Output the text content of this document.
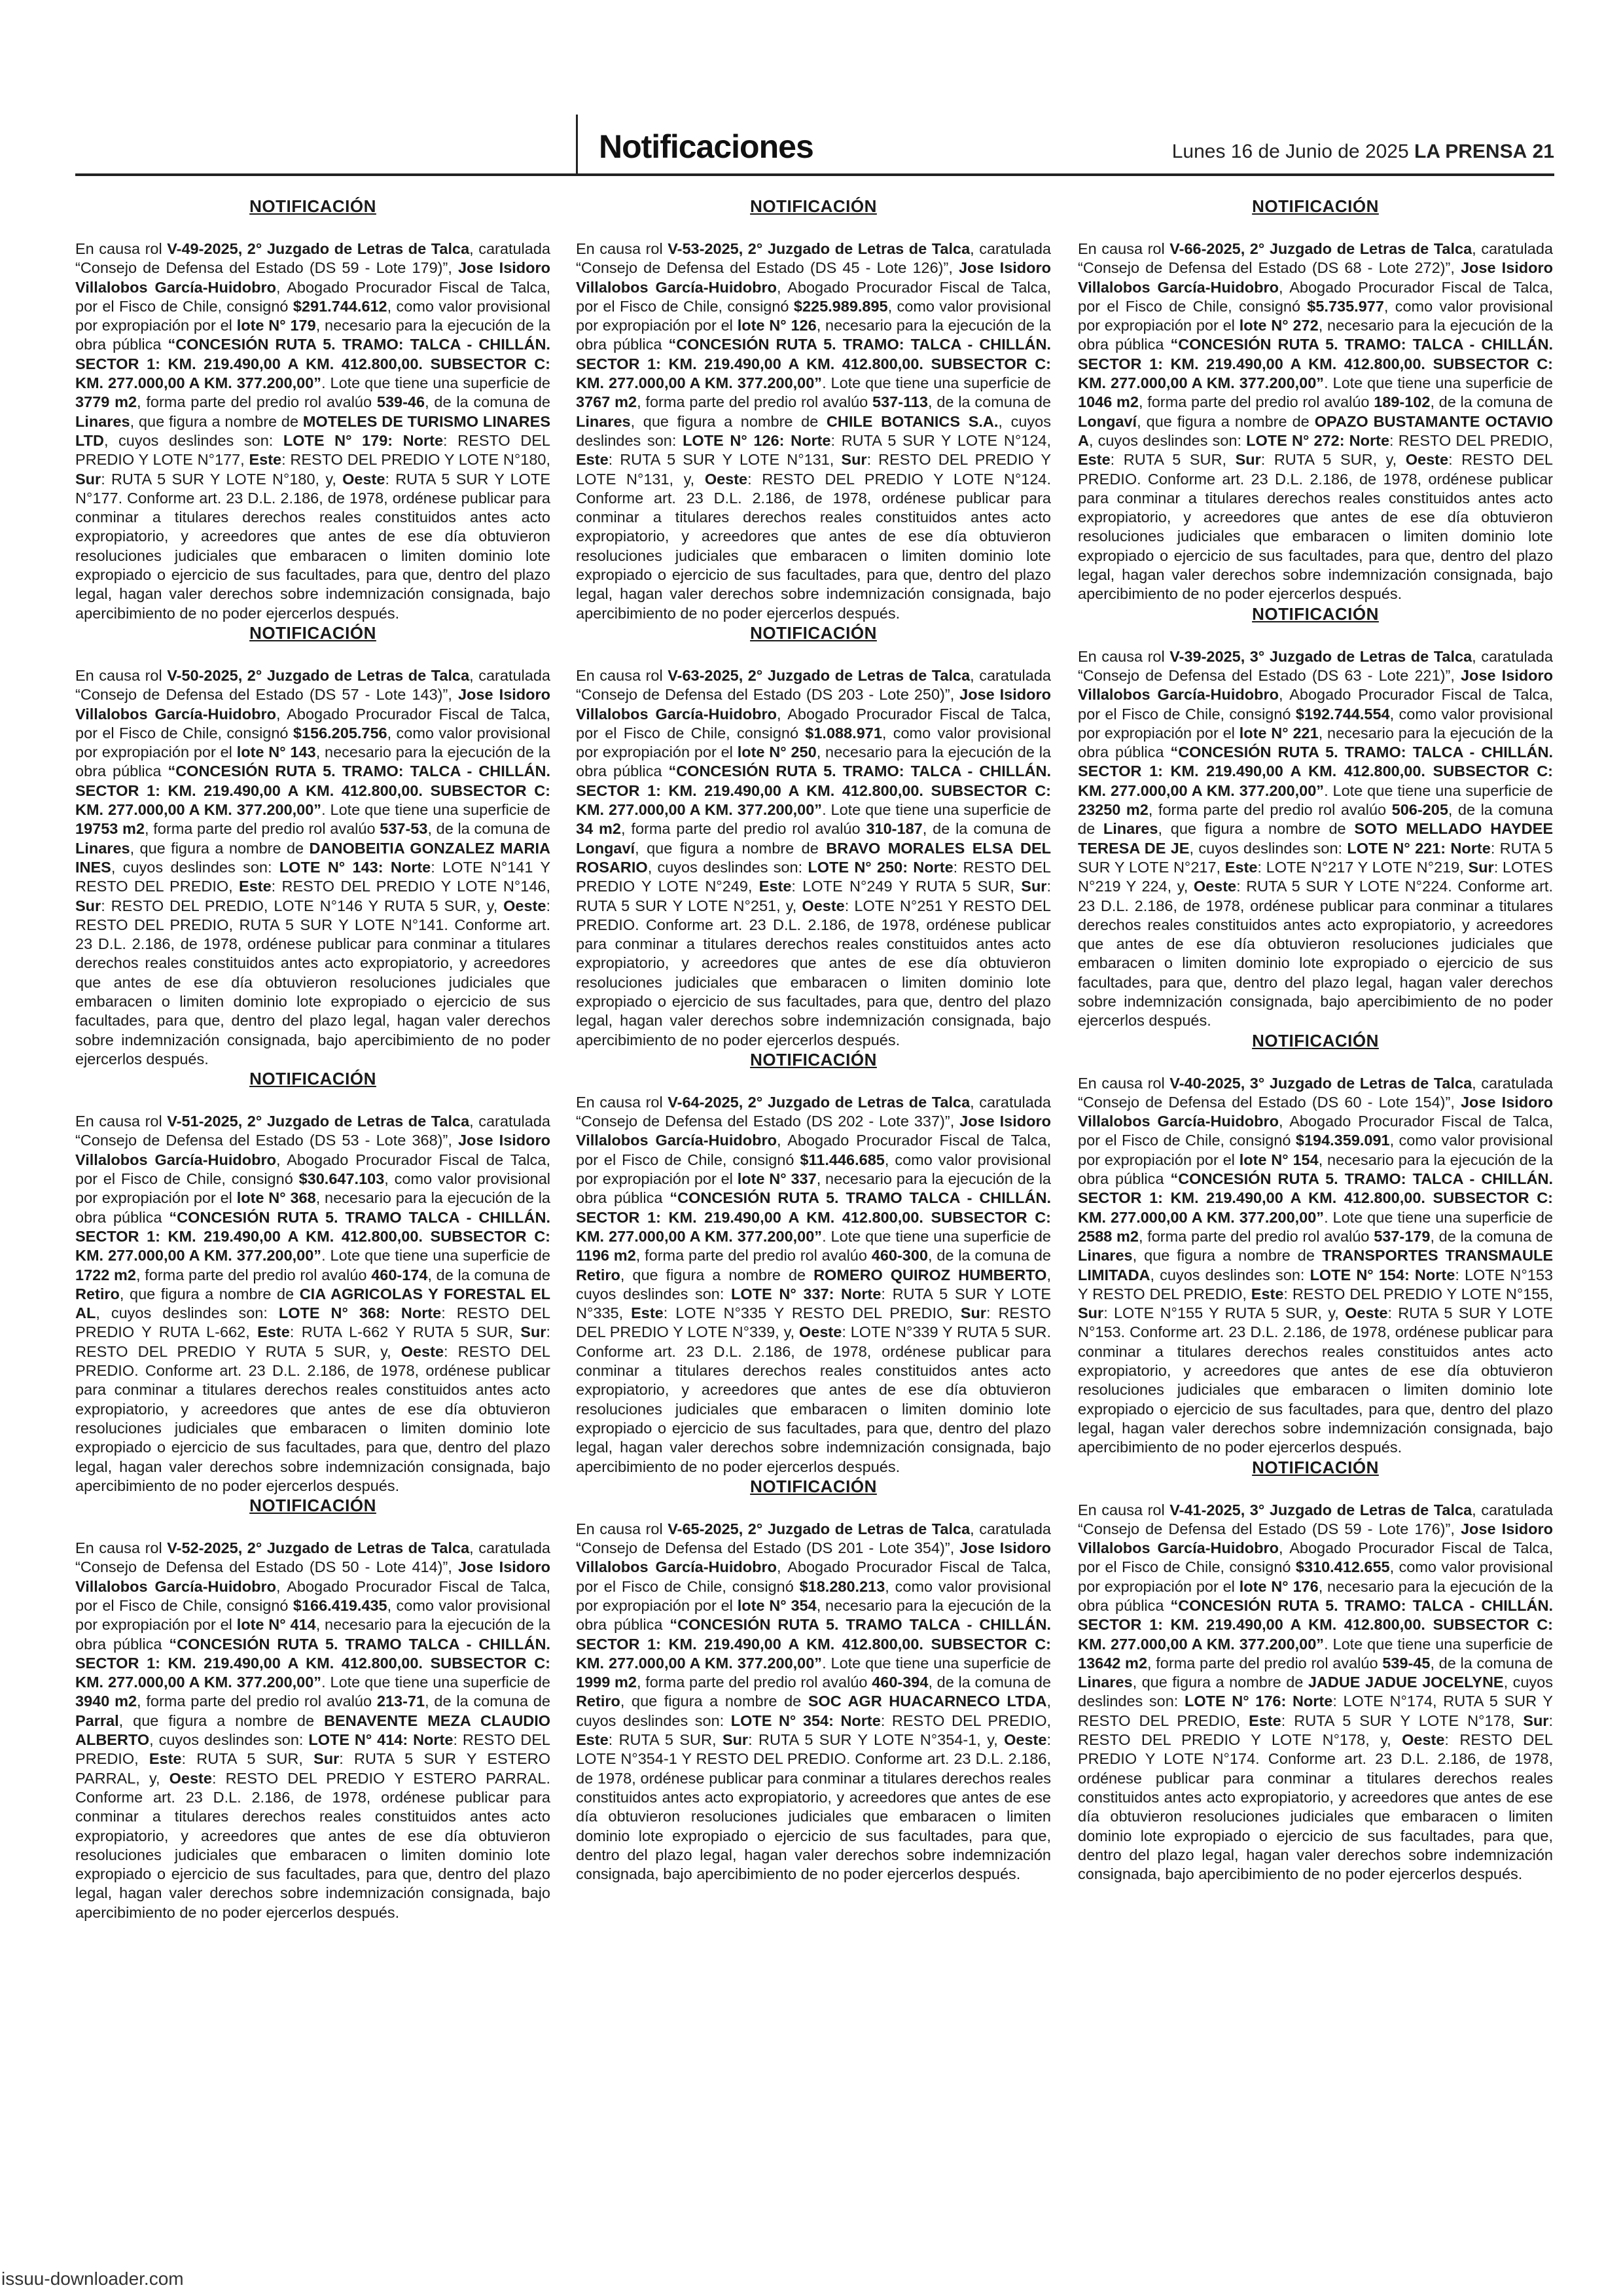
Notificaciones	Lunes 16 de Junio de 2025 LA PRENSA 21
NOTIFICACIÓN

En causa rol V-49-2025, 2° Juzgado de Letras de Talca, caratulada “Consejo de Defensa del Estado (DS 59 - Lote 179)”, Jose Isidoro Villalobos García-Huidobro, Abogado Procurador Fiscal de Talca, por el Fisco de Chile, consignó $291.744.612, como valor provisional por expropiación por el lote N° 179, necesario para la ejecución de la obra pública “CONCESIÓN RUTA 5. TRAMO: TALCA - CHILLÁN. SECTOR 1: KM. 219.490,00 A KM. 412.800,00. SUBSECTOR C: KM. 277.000,00 A KM. 377.200,00”. Lote que tiene una superficie de 3779 m2, forma parte del predio rol avalúo 539-46, de la comuna de Linares, que figura a nombre de MOTELES DE TURISMO LINARES LTD, cuyos deslindes son: LOTE N° 179: Norte: RESTO DEL PREDIO Y LOTE N°177, Este: RESTO DEL PREDIO Y LOTE N°180, Sur: RUTA 5 SUR Y LOTE N°180, y, Oeste: RUTA 5 SUR Y LOTE N°177. Conforme art. 23 D.L. 2.186, de 1978, ordénese publicar para conminar a titulares derechos reales constituidos antes acto expropiatorio, y acreedores que antes de ese día obtuvieron resoluciones judiciales que embaracen o limiten dominio lote expropiado o ejercicio de sus facultades, para que, dentro del plazo legal, hagan valer derechos sobre indemnización consignada, bajo apercibimiento de no poder ejercerlos después.

NOTIFICACIÓN

En causa rol V-50-2025, 2° Juzgado de Letras de Talca, caratulada “Consejo de Defensa del Estado (DS 57 - Lote 143)”, Jose Isidoro Villalobos García-Huidobro, Abogado Procurador Fiscal de Talca, por el Fisco de Chile, consignó $156.205.756, como valor provisional por expropiación por el lote N° 143, necesario para la ejecución de la obra pública “CONCESIÓN RUTA 5. TRAMO: TALCA - CHILLÁN. SECTOR 1: KM. 219.490,00 A KM. 412.800,00. SUBSECTOR C: KM. 277.000,00 A KM. 377.200,00”. Lote que tiene una superficie de 19753 m2, forma parte del predio rol avalúo 537-53, de la comuna de Linares, que figura a nombre de DANOBEITIA GONZALEZ MARIA INES, cuyos deslindes son: LOTE N° 143: Norte: LOTE N°141 Y RESTO DEL PREDIO, Este: RESTO DEL PREDIO Y LOTE N°146, Sur: RESTO DEL PREDIO, LOTE N°146 Y RUTA 5 SUR, y, Oeste: RESTO DEL PREDIO, RUTA 5 SUR Y LOTE N°141. Conforme art. 23 D.L. 2.186, de 1978, ordénese publicar para conminar a titulares derechos reales constituidos antes acto expropiatorio, y acreedores que antes de ese día obtuvieron resoluciones judiciales que embaracen o limiten dominio lote expropiado o ejercicio de sus facultades, para que, dentro del plazo legal, hagan valer derechos sobre indemnización consignada, bajo apercibimiento de no poder ejercerlos después.

NOTIFICACIÓN

En causa rol V-51-2025, 2° Juzgado de Letras de Talca, caratulada “Consejo de Defensa del Estado (DS 53 - Lote 368)”, Jose Isidoro Villalobos García-Huidobro, Abogado Procurador Fiscal de Talca, por el Fisco de Chile, consignó $30.647.103, como valor provisional por expropiación por el lote N° 368, necesario para la ejecución de la obra pública “CONCESIÓN RUTA 5. TRAMO TALCA - CHILLÁN. SECTOR 1: KM. 219.490,00 A KM. 412.800,00. SUBSECTOR C: KM. 277.000,00 A KM. 377.200,00”. Lote que tiene una superficie de 1722 m2, forma parte del predio rol avalúo 460-174, de la comuna de Retiro, que figura a nombre de CIA AGRICOLAS Y FORESTAL EL AL, cuyos deslindes son: LOTE N° 368: Norte: RESTO DEL PREDIO Y RUTA L-662, Este: RUTA L-662 Y RUTA 5 SUR, Sur: RESTO DEL PREDIO Y RUTA 5 SUR, y, Oeste: RESTO DEL PREDIO. Conforme art. 23 D.L. 2.186, de 1978, ordénese publicar para conminar a titulares derechos reales constituidos antes acto expropiatorio, y acreedores que antes de ese día obtuvieron resoluciones judiciales que embaracen o limiten dominio lote expropiado o ejercicio de sus facultades, para que, dentro del plazo legal, hagan valer derechos sobre indemnización consignada, bajo apercibimiento de no poder ejercerlos después.

NOTIFICACIÓN

En causa rol V-52-2025, 2° Juzgado de Letras de Talca, caratulada “Consejo de Defensa del Estado (DS 50 - Lote 414)”, Jose Isidoro Villalobos García-Huidobro, Abogado Procurador Fiscal de Talca, por el Fisco de Chile, consignó $166.419.435, como valor provisional por expropiación por el lote N° 414, necesario para la ejecución de la obra pública “CONCESIÓN RUTA 5. TRAMO TALCA - CHILLÁN. SECTOR 1: KM. 219.490,00 A KM. 412.800,00. SUBSECTOR C: KM. 277.000,00 A KM. 377.200,00”. Lote que tiene una superficie de 3940 m2, forma parte del predio rol avalúo 213-71, de la comuna de Parral, que figura a nombre de BENAVENTE MEZA CLAUDIO ALBERTO, cuyos deslindes son: LOTE N° 414: Norte: RESTO DEL PREDIO, Este: RUTA 5 SUR, Sur: RUTA 5 SUR Y ESTERO PARRAL, y, Oeste: RESTO DEL PREDIO Y ESTERO PARRAL. Conforme art. 23 D.L. 2.186, de 1978, ordénese publicar para conminar a titulares derechos reales constituidos antes acto expropiatorio, y acreedores que antes de ese día obtuvieron resoluciones judiciales que embaracen o limiten dominio lote expropiado o ejercicio de sus facultades, para que, dentro del plazo legal, hagan valer derechos sobre indemnización consignada, bajo apercibimiento de no poder ejercerlos después.

NOTIFICACIÓN

En causa rol V-53-2025, 2° Juzgado de Letras de Talca, caratulada “Consejo de Defensa del Estado (DS 45 - Lote 126)”, Jose Isidoro Villalobos García-Huidobro, Abogado Procurador Fiscal de Talca, por el Fisco de Chile, consignó $225.989.895, como valor provisional por expropiación por el lote N° 126, necesario para la ejecución de la obra pública “CONCESIÓN RUTA 5. TRAMO: TALCA - CHILLÁN. SECTOR 1: KM. 219.490,00 A KM. 412.800,00. SUBSECTOR C: KM. 277.000,00 A KM. 377.200,00”. Lote que tiene una superficie de 3767 m2, forma parte del predio rol avalúo 537-113, de la comuna de Linares, que figura a nombre de CHILE BOTANICS S.A., cuyos deslindes son: LOTE N° 126: Norte: RUTA 5 SUR Y LOTE N°124, Este: RUTA 5 SUR Y LOTE N°131, Sur: RESTO DEL PREDIO Y LOTE N°131, y, Oeste: RESTO DEL PREDIO Y LOTE N°124. Conforme art. 23 D.L. 2.186, de 1978, ordénese publicar para conminar a titulares derechos reales constituidos antes acto expropiatorio, y acreedores que antes de ese día obtuvieron resoluciones judiciales que embaracen o limiten dominio lote expropiado o ejercicio de sus facultades, para que, dentro del plazo legal, hagan valer derechos sobre indemnización consignada, bajo apercibimiento de no poder ejercerlos después.

NOTIFICACIÓN

En causa rol V-63-2025, 2° Juzgado de Letras de Talca, caratulada “Consejo de Defensa del Estado (DS 203 - Lote 250)”, Jose Isidoro Villalobos García-Huidobro, Abogado Procurador Fiscal de Talca, por el Fisco de Chile, consignó $1.088.971, como valor provisional por expropiación por el lote N° 250, necesario para la ejecución de la obra pública “CONCESIÓN RUTA 5. TRAMO: TALCA - CHILLÁN. SECTOR 1: KM. 219.490,00 A KM. 412.800,00. SUBSECTOR C: KM. 277.000,00 A KM. 377.200,00”. Lote que tiene una superficie de 34 m2, forma parte del predio rol avalúo 310-187, de la comuna de Longaví, que figura a nombre de BRAVO MORALES ELSA DEL ROSARIO, cuyos deslindes son: LOTE N° 250: Norte: RESTO DEL PREDIO Y LOTE N°249, Este: LOTE N°249 Y RUTA 5 SUR, Sur: RUTA 5 SUR Y LOTE N°251, y, Oeste: LOTE N°251 Y RESTO DEL PREDIO. Conforme art. 23 D.L. 2.186, de 1978, ordénese publicar para conminar a titulares derechos reales constituidos antes acto expropiatorio, y acreedores que antes de ese día obtuvieron resoluciones judiciales que embaracen o limiten dominio lote expropiado o ejercicio de sus facultades, para que, dentro del plazo legal, hagan valer derechos sobre indemnización consignada, bajo apercibimiento de no poder ejercerlos después.

NOTIFICACIÓN

En causa rol V-64-2025, 2° Juzgado de Letras de Talca, caratulada “Consejo de Defensa del Estado (DS 202 - Lote 337)”, Jose Isidoro Villalobos García-Huidobro, Abogado Procurador Fiscal de Talca, por el Fisco de Chile, consignó $11.446.685, como valor provisional por expropiación por el lote N° 337, necesario para la ejecución de la obra pública “CONCESIÓN RUTA 5. TRAMO TALCA - CHILLÁN. SECTOR 1: KM. 219.490,00 A KM. 412.800,00. SUBSECTOR C: KM. 277.000,00 A KM. 377.200,00”. Lote que tiene una superficie de 1196 m2, forma parte del predio rol avalúo 460-300, de la comuna de Retiro, que figura a nombre de ROMERO QUIROZ HUMBERTO, cuyos deslindes son: LOTE N° 337: Norte: RUTA 5 SUR Y LOTE N°335, Este: LOTE N°335 Y RESTO DEL PREDIO, Sur: RESTO DEL PREDIO Y LOTE N°339, y, Oeste: LOTE N°339 Y RUTA 5 SUR. Conforme art. 23 D.L. 2.186, de 1978, ordénese publicar para conminar a titulares derechos reales constituidos antes acto expropiatorio, y acreedores que antes de ese día obtuvieron resoluciones judiciales que embaracen o limiten dominio lote expropiado o ejercicio de sus facultades, para que, dentro del plazo legal, hagan valer derechos sobre indemnización consignada, bajo apercibimiento de no poder ejercerlos después.

NOTIFICACIÓN

En causa rol V-65-2025, 2° Juzgado de Letras de Talca, caratulada “Consejo de Defensa del Estado (DS 201 - Lote 354)”, Jose Isidoro Villalobos García-Huidobro, Abogado Procurador Fiscal de Talca, por el Fisco de Chile, consignó $18.280.213, como valor provisional por expropiación por el lote N° 354, necesario para la ejecución de la obra pública “CONCESIÓN RUTA 5. TRAMO TALCA - CHILLÁN. SECTOR 1: KM. 219.490,00 A KM. 412.800,00. SUBSECTOR C: KM. 277.000,00 A KM. 377.200,00”. Lote que tiene una superficie de 1999 m2, forma parte del predio rol avalúo 460-394, de la comuna de Retiro, que figura a nombre de SOC AGR HUACARNECO LTDA, cuyos deslindes son: LOTE N° 354: Norte: RESTO DEL PREDIO, Este: RUTA 5 SUR, Sur: RUTA 5 SUR Y LOTE N°354-1, y, Oeste: LOTE N°354-1 Y RESTO DEL PREDIO. Conforme art. 23 D.L. 2.186, de 1978, ordénese publicar para conminar a titulares derechos reales constituidos antes acto expropiatorio, y acreedores que antes de ese día obtuvieron resoluciones judiciales que embaracen o limiten dominio lote expropiado o ejercicio de sus facultades, para que, dentro del plazo legal, hagan valer derechos sobre indemnización consignada, bajo apercibimiento de no poder ejercerlos después.

NOTIFICACIÓN

En causa rol V-66-2025, 2° Juzgado de Letras de Talca, caratulada “Consejo de Defensa del Estado (DS 68 - Lote 272)”, Jose Isidoro Villalobos García-Huidobro, Abogado Procurador Fiscal de Talca, por el Fisco de Chile, consignó $5.735.977, como valor provisional por expropiación por el lote N° 272, necesario para la ejecución de la obra pública “CONCESIÓN RUTA 5. TRAMO: TALCA - CHILLÁN. SECTOR 1: KM. 219.490,00 A KM. 412.800,00. SUBSECTOR C: KM. 277.000,00 A KM. 377.200,00”. Lote que tiene una superficie de 1046 m2, forma parte del predio rol avalúo 189-102, de la comuna de Longaví, que figura a nombre de OPAZO BUSTAMANTE OCTAVIO A, cuyos deslindes son: LOTE N° 272: Norte: RESTO DEL PREDIO, Este: RUTA 5 SUR, Sur: RUTA 5 SUR, y, Oeste: RESTO DEL PREDIO. Conforme art. 23 D.L. 2.186, de 1978, ordénese publicar para conminar a titulares derechos reales constituidos antes acto expropiatorio, y acreedores que antes de ese día obtuvieron resoluciones judiciales que embaracen o limiten dominio lote expropiado o ejercicio de sus facultades, para que, dentro del plazo legal, hagan valer derechos sobre indemnización consignada, bajo apercibimiento de no poder ejercerlos después.

NOTIFICACIÓN

En causa rol V-39-2025, 3° Juzgado de Letras de Talca, caratulada “Consejo de Defensa del Estado (DS 63 - Lote 221)”, Jose Isidoro Villalobos García-Huidobro, Abogado Procurador Fiscal de Talca, por el Fisco de Chile, consignó $192.744.554, como valor provisional por expropiación por el lote N° 221, necesario para la ejecución de la obra pública “CONCESIÓN RUTA 5. TRAMO: TALCA - CHILLÁN. SECTOR 1: KM. 219.490,00 A KM. 412.800,00. SUBSECTOR C: KM. 277.000,00 A KM. 377.200,00”. Lote que tiene una superficie de 23250 m2, forma parte del predio rol avalúo 506-205, de la comuna de Linares, que figura a nombre de SOTO MELLADO HAYDEE TERESA DE JE, cuyos deslindes son: LOTE N° 221: Norte: RUTA 5 SUR Y LOTE N°217, Este: LOTE N°217 Y LOTE N°219, Sur: LOTES N°219 Y 224, y, Oeste: RUTA 5 SUR Y LOTE N°224. Conforme art. 23 D.L. 2.186, de 1978, ordénese publicar para conminar a titulares derechos reales constituidos antes acto expropiatorio, y acreedores que antes de ese día obtuvieron resoluciones judiciales que embaracen o limiten dominio lote expropiado o ejercicio de sus facultades, para que, dentro del plazo legal, hagan valer derechos sobre indemnización consignada, bajo apercibimiento de no poder ejercerlos después.

NOTIFICACIÓN

En causa rol V-40-2025, 3° Juzgado de Letras de Talca, caratulada “Consejo de Defensa del Estado (DS 60 - Lote 154)”, Jose Isidoro Villalobos García-Huidobro, Abogado Procurador Fiscal de Talca, por el Fisco de Chile, consignó $194.359.091, como valor provisional por expropiación por el lote N° 154, necesario para la ejecución de la obra pública “CONCESIÓN RUTA 5. TRAMO: TALCA - CHILLÁN. SECTOR 1: KM. 219.490,00 A KM. 412.800,00. SUBSECTOR C: KM. 277.000,00 A KM. 377.200,00”. Lote que tiene una superficie de 2588 m2, forma parte del predio rol avalúo 537-179, de la comuna de Linares, que figura a nombre de TRANSPORTES TRANSMAULE LIMITADA, cuyos deslindes son: LOTE N° 154: Norte: LOTE N°153 Y RESTO DEL PREDIO, Este: RESTO DEL PREDIO Y LOTE N°155, Sur: LOTE N°155 Y RUTA 5 SUR, y, Oeste: RUTA 5 SUR Y LOTE N°153. Conforme art. 23 D.L. 2.186, de 1978, ordénese publicar para conminar a titulares derechos reales constituidos antes acto expropiatorio, y acreedores que antes de ese día obtuvieron resoluciones judiciales que embaracen o limiten dominio lote expropiado o ejercicio de sus facultades, para que, dentro del plazo legal, hagan valer derechos sobre indemnización consignada, bajo apercibimiento de no poder ejercerlos después.

NOTIFICACIÓN

En causa rol V-41-2025, 3° Juzgado de Letras de Talca, caratulada “Consejo de Defensa del Estado (DS 59 - Lote 176)”, Jose Isidoro Villalobos García-Huidobro, Abogado Procurador Fiscal de Talca, por el Fisco de Chile, consignó $310.412.655, como valor provisional por expropiación por el lote N° 176, necesario para la ejecución de la obra pública “CONCESIÓN RUTA 5. TRAMO: TALCA - CHILLÁN. SECTOR 1: KM. 219.490,00 A KM. 412.800,00. SUBSECTOR C: KM. 277.000,00 A KM. 377.200,00”. Lote que tiene una superficie de 13642 m2, forma parte del predio rol avalúo 539-45, de la comuna de Linares, que figura a nombre de JADUE JADUE JOCELYNE, cuyos deslindes son: LOTE N° 176: Norte: LOTE N°174, RUTA 5 SUR Y RESTO DEL PREDIO, Este: RUTA 5 SUR Y LOTE N°178, Sur: RESTO DEL PREDIO Y LOTE N°178, y, Oeste: RESTO DEL PREDIO Y LOTE N°174. Conforme art. 23 D.L. 2.186, de 1978, ordénese publicar para conminar a titulares derechos reales constituidos antes acto expropiatorio, y acreedores que antes de ese día obtuvieron resoluciones judiciales que embaracen o limiten dominio lote expropiado o ejercicio de sus facultades, para que, dentro del plazo legal, hagan valer derechos sobre indemnización consignada, bajo apercibimiento de no poder ejercerlos después.

issuu-downloader.com
